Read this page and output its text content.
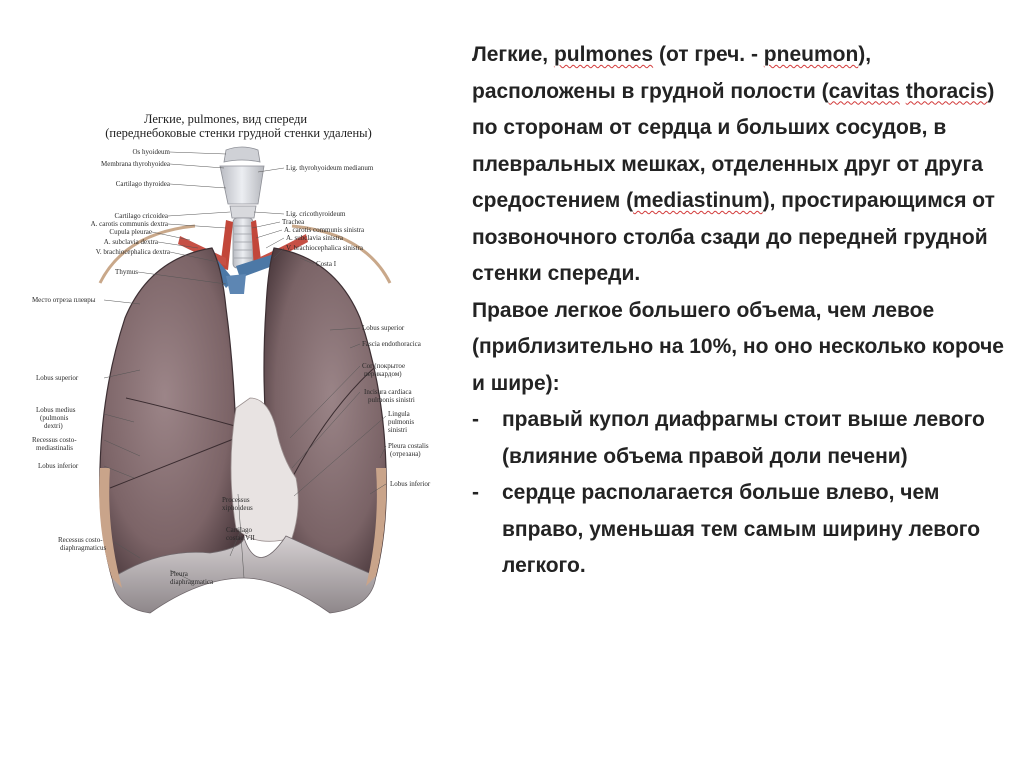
Легкие, pulmones, вид спереди
(переднебоковые стенки грудной стенки удалены)
Os hyoideum
Membrana thyrohyoidea
Cartilago thyroidea
Cartilago cricoidea
A. carotis communis dextra
Cupula pleurae
A. subclavia dextra
V. brachiocephalica dextra
Thymus
Место отреза плевры
Lobus superior
Lobus medius
(pulmonis
dextri)
Recessus costo-
mediastinalis
Lobus inferior
Recessus costo-
diaphragmaticus
Lig. thyrohyoideum medianum
Lig. cricothyroideum
Trachea
A. carotis communis sinistra
A. subclavia sinistra
V. brachiocephalica sinistra
Costa I
Lobus superior
Fascia endothoracica
Cor (покрытое
перикардом)
Incisura cardiaca
pulmonis sinistri
Lingula
pulmonis
sinistri
Pleura costalis
(отрезана)
Lobus inferior
Processus
xiphoideus
Cartilago
costae VII
Pleura
diaphragmatica

Легкие, pulmones (от греч. - pneumon), расположены в грудной полости (cavitas thoracis) по сторонам от сердца и больших сосудов, в плевральных мешках, отделенных друг от друга средостением (mediastinum), простирающимся от позвоночного столба сзади до передней грудной стенки спереди.

Правое легкое большего объема, чем левое (приблизительно на 10%, но оно несколько короче и шире):

-	правый купол диафрагмы стоит выше левого (влияние объема правой доли печени)
-	сердце располагается больше влево, чем вправо, уменьшая тем самым ширину левого легкого.
